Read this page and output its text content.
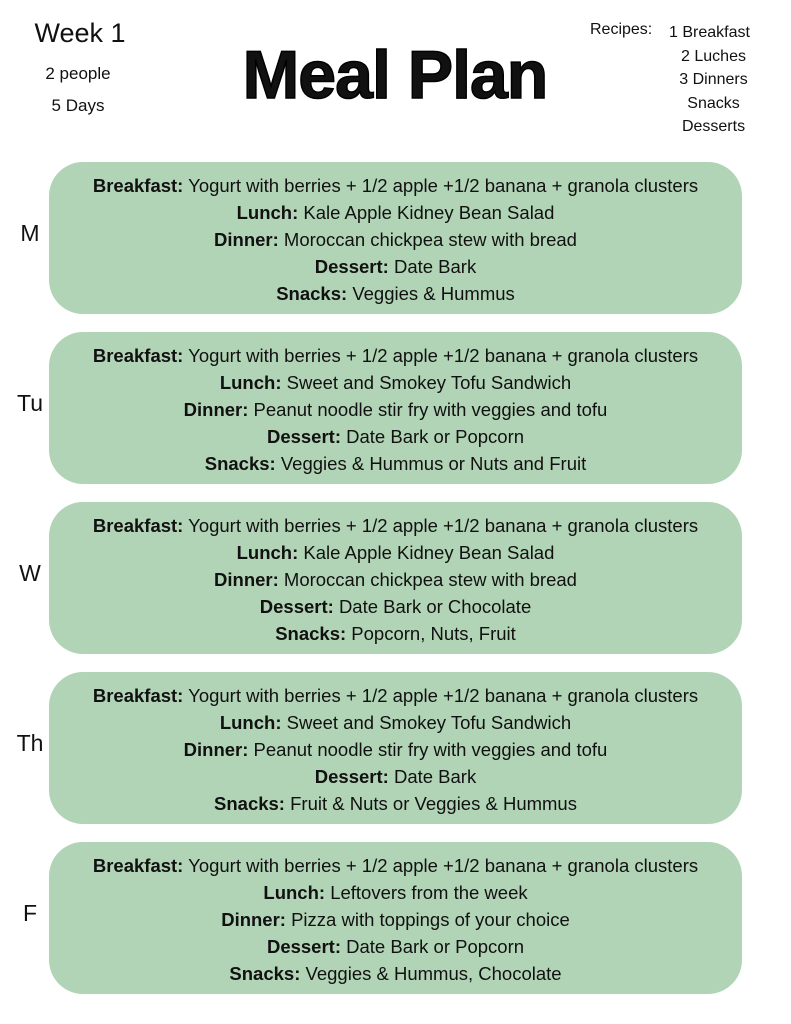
Week 1
2 people
5 Days	Meal Plan
Recipes: 1 Breakfast
2 Luches
3 Dinners
Snacks
Desserts
M
Breakfast: Yogurt with berries + 1/2 apple +1/2 banana + granola clusters
Lunch: Kale Apple Kidney Bean Salad
Dinner: Moroccan chickpea stew with bread
Dessert: Date Bark
Snacks: Veggies & Hummus
Tu
Breakfast: Yogurt with berries + 1/2 apple +1/2 banana + granola clusters
Lunch: Sweet and Smokey Tofu Sandwich
Dinner: Peanut noodle stir fry with veggies and tofu
Dessert: Date Bark or Popcorn
Snacks: Veggies & Hummus or Nuts and Fruit
W
Breakfast: Yogurt with berries + 1/2 apple +1/2 banana + granola clusters
Lunch: Kale Apple Kidney Bean Salad
Dinner: Moroccan chickpea stew with bread
Dessert: Date Bark or Chocolate
Snacks: Popcorn, Nuts, Fruit
Th
Breakfast: Yogurt with berries + 1/2 apple +1/2 banana + granola clusters
Lunch: Sweet and Smokey Tofu Sandwich
Dinner: Peanut noodle stir fry with veggies and tofu
Dessert: Date Bark
Snacks: Fruit & Nuts or Veggies & Hummus
F
Breakfast: Yogurt with berries + 1/2 apple +1/2 banana + granola clusters
Lunch: Leftovers from the week
Dinner: Pizza with toppings of your choice
Dessert: Date Bark or Popcorn
Snacks: Veggies & Hummus, Chocolate
